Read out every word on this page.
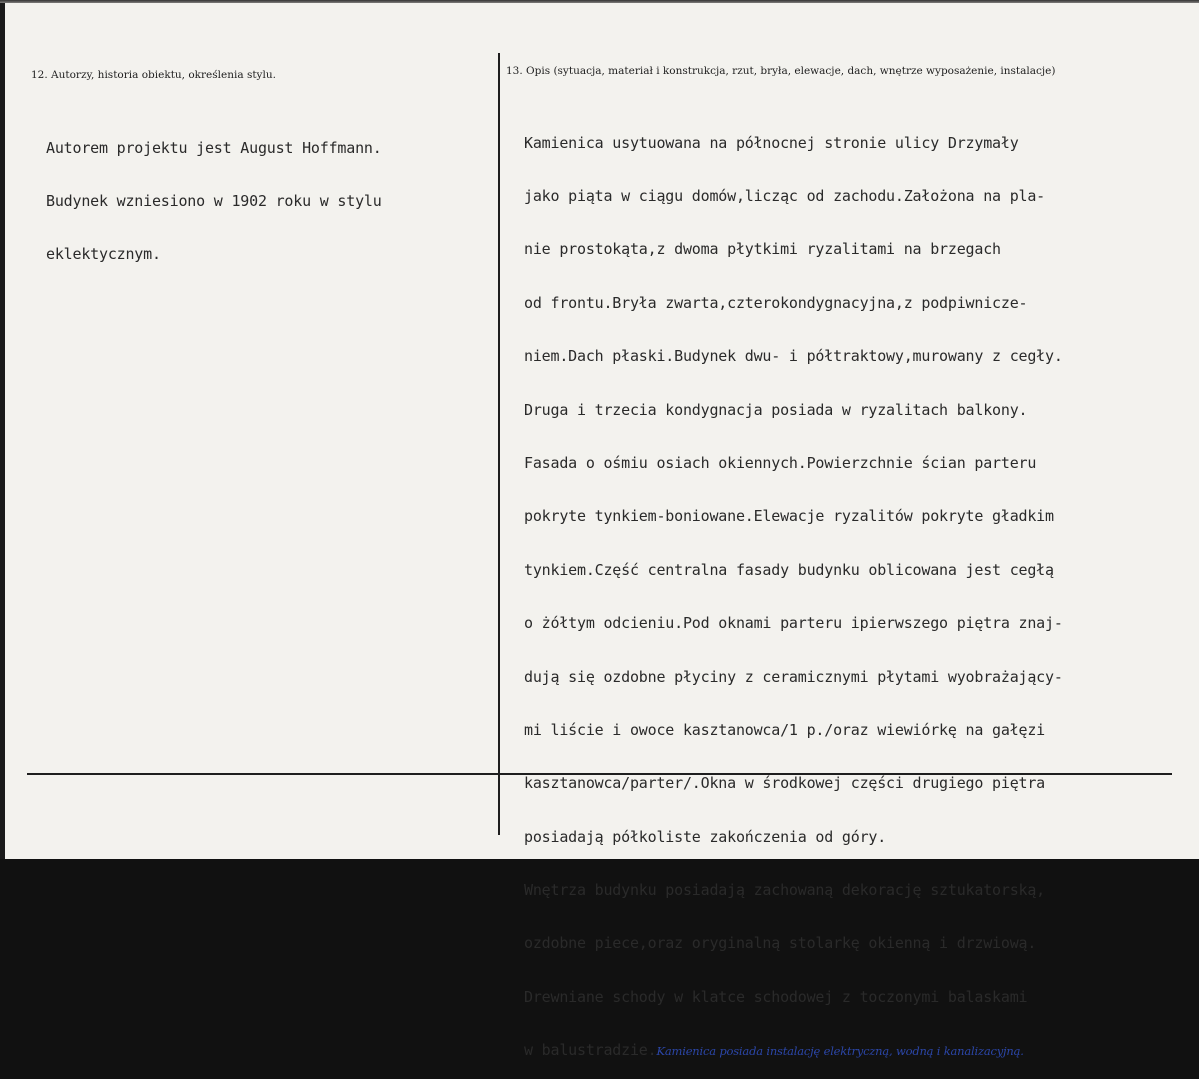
12. Autorzy, historia obiektu, określenia stylu.	13. Opis (sytuacja, materiał i konstrukcja, rzut, bryła, elewacje, dach, wnętrze wyposażenie, instalacje)

Autorem projektu jest August Hoffmann.

Budynek wzniesiono w 1902 roku w stylu

eklektycznym.

Kamienica usytuowana na północnej stronie ulicy Drzymały

jako piąta w ciągu domów,licząc od zachodu.Założona na pla-

nie prostokąta,z dwoma płytkimi ryzalitami na brzegach

od frontu.Bryła zwarta,czterokondygnacyjna,z podpiwnicze-

niem.Dach płaski.Budynek dwu- i półtraktowy,murowany z cegły.

Druga i trzecia kondygnacja posiada w ryzalitach balkony.

Fasada o ośmiu osiach okiennych.Powierzchnie ścian parteru

pokryte tynkiem-boniowane.Elewacje ryzalitów pokryte gładkim

tynkiem.Część centralna fasady budynku oblicowana jest cegłą

o żółtym odcieniu.Pod oknami parteru ipierwszego piętra znaj-

dują się ozdobne płyciny z ceramicznymi płytami wyobrażający-

mi liście i owoce kasztanowca/1 p./oraz wiewiórkę na gałęzi

kasztanowca/parter/.Okna w środkowej części drugiego piętra

posiadają półkoliste zakończenia od góry.

Wnętrza budynku posiadają zachowaną dekorację sztukatorską,

ozdobne piece,oraz oryginalną stolarkę okienną i drzwiową.

Drewniane schody w klatce schodowej z toczonymi balaskami

w balustradzie.Kamienica posiada instalację elektryczną, wodną i kanalizacyjną.
